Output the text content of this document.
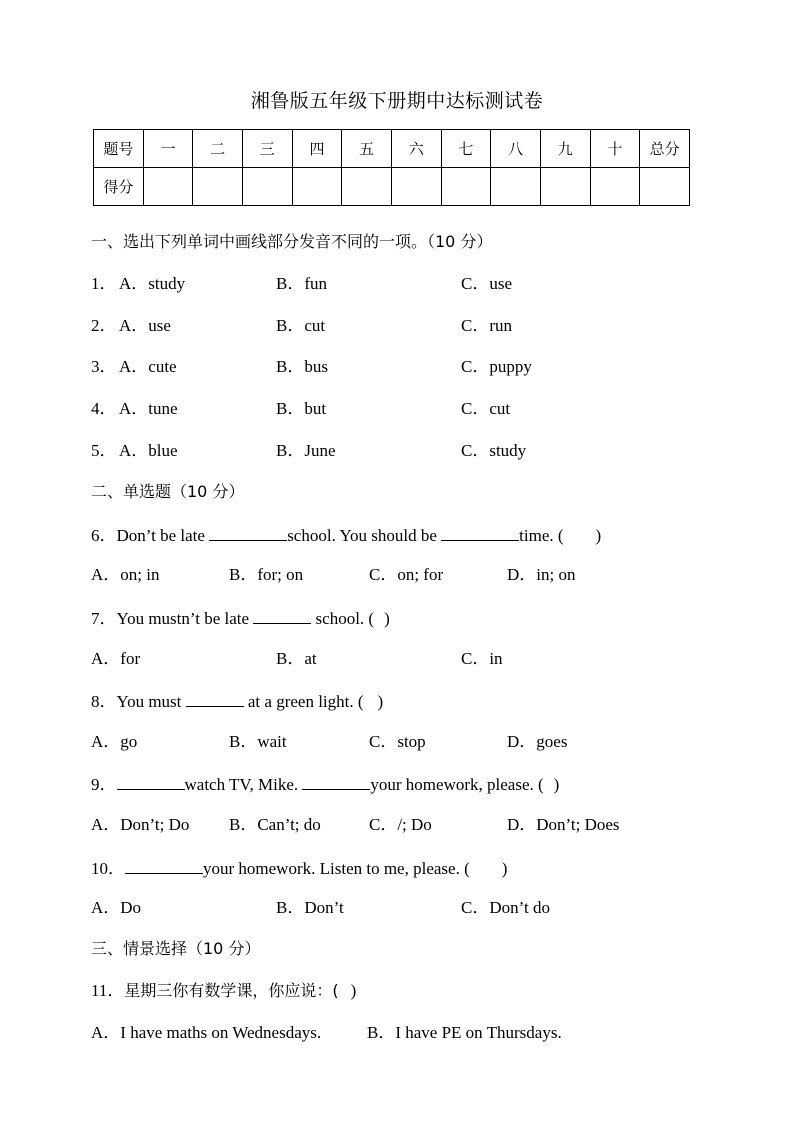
湘鲁版五年级下册期中达标测试卷
题号	一	二	三	四	五	六	七	八	九	十	总分
得分											
一、选出下列单词中画线部分发音不同的一项。（10 分）
1． A．study	B．fun	C．use
2． A．use	B．cut	C．run
3． A．cute	B．bus	C．puppy
4． A．tune	B．but	C．cut
5． A．blue	B．June	C．study
二、单选题（10 分）
6．Don’t be late	school. You should be	time. ( )
A．on; in	B．for; on	C．on; for	D．in; on
7．You mustn’t be late	school. ( )
A．for	B．at	C．in
8．You must	at a green light. ( )
A．go	B．wait	C．stop	D．goes
9．	watch TV, Mike.	your homework, please. ( )
A．Don’t; Do B．Can’t; do	C．/; Do	D．Don’t; Does
10．	your homework. Listen to me, please. ( )
A．Do	B．Don’t	C．Don’t do
三、情景选择（10 分）
11．星期三你有数学课，你应说：( )
A．I have maths on Wednesdays.	B．I have PE on Thursdays.
